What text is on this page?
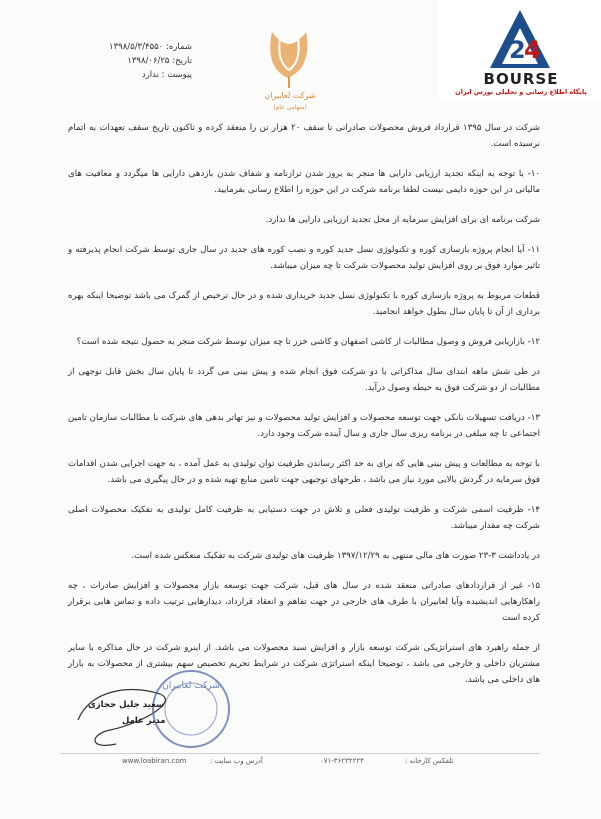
شماره: ۱۳۹۸/۵/۳/۴۵۵۰
تاریخ: ۱۳۹۸/۰۶/۲۵
پیوست : ندارد
شرکت لعابیران
(سهامی عام)
2
4
BOURSE
پایگاه اطلاع رسانی و تحلیلی بورس ایران

شرکت در سال ۱۳۹۵ قرارداد فروش محصولات صادراتی تا سقف ۲۰ هزار تن را منعقد کرده و تاکنون تاریخ سقف تعهدات به اتمام نرسیده است.

۱۰- با توجه به اینکه تجدید ارزیابی دارایی ها منجر به بروز شدن ترازنامه و شفاف شدن بازدهی دارایی ها میگردد و معافیت های مالیاتی در این حوزه دایمی نیست لطفا برنامه شرکت در این حوزه را اطلاع رسانی بفرمایید.

شرکت برنامه ای برای افزایش سرمایه از محل تجدید ارزیابی دارایی ها ندارد.

۱۱- آیا انجام پروژه بازسازی کوره و تکنولوژی نسل جدید کوره و نصب کوره های جدید در سال جاری توسط شرکت انجام پذیرفته و تاثیر موارد فوق بر روی افزایش تولید محصولات شرکت تا چه میزان میباشد.

قطعات مربوط به پروژه بازسازی کوره با تکنولوژی نسل جدید خریداری شده و در حال ترخیص از گمرک می باشد توضیحا اینکه بهره برداری از آن تا پایان سال بطول خواهد انجامید.

۱۲- بازاریابی فروش و وصول مطالبات از کاشی اصفهان و کاشی خزر تا چه میزان توسط شرکت منجر به حصول نتیجه شده است؟

در طی شش ماهه ابتدای سال مذاکراتی با دو شرکت فوق انجام شده و پیش بینی می گردد تا پایان سال بخش قابل توجهی از مطالبات از دو شرکت فوق به حیطه وصول درآید.

۱۳- دریافت تسهیلات بانکی جهت توسعه محصولات و افزایش تولید محصولات و نیز تهاتر بدهی های شرکت با مطالبات سازمان تامین اجتماعی تا چه مبلغی در برنامه ریزی سال جاری و سال آینده شرکت وجود دارد.

با توجه به مطالعات و پیش بینی هایی که برای به حد اکثر رساندن ظرفیت توان تولیدی به عمل آمده ، به جهت اجرایی شدن اقدامات فوق سرمایه در گردش بالایی مورد نیاز می باشد ، طرحهای توجیهی جهت تامین منابع تهیه شده و در حال پیگیری می باشد.

۱۴- ظرفیت اسمی شرکت و ظرفیت تولیدی فعلی و تلاش در جهت دستیابی به ظرفیت کامل تولیدی به تفکیک محصولات اصلی شرکت چه مقدار میباشد.

در یادداشت ۳-۲۳ صورت های مالی منتهی به ۱۳۹۷/۱۲/۲۹ ظرفیت های تولیدی شرکت به تفکیک منعکس شده است.

۱۵- غیر از قراردادهای صادراتی منعقد شده در سال های قبل، شرکت جهت توسعه بازار محصولات و افزایش صادرات ، چه راهکارهایی اندیشیده وآیا لعابیران با طرف های خارجی در جهت تفاهم و انعقاد قرارداد، دیدارهایی ترتیب داده و تماس هایی برقرار کرده است

از جمله راهبرد های استراتژیکی شرکت توسعه بازار و افزایش سبد محصولات می باشد. از اینرو شرکت در حال مذاکره با سایر مشتریان داخلی و خارجی می باشد ، توضیحا اینکه استراتژی شرکت در شرایط تحریم تخصیص سهم بیشتری از محصولات به بازار های داخلی می باشد.

شرکت لعابیران
سعید جلیل حجازی
مدیر عامل
www.loabiran.com	آدرس وب سایت :	۰۷۱-۳۶۲۳۲۲۲۴	تلفکس کارخانه :
